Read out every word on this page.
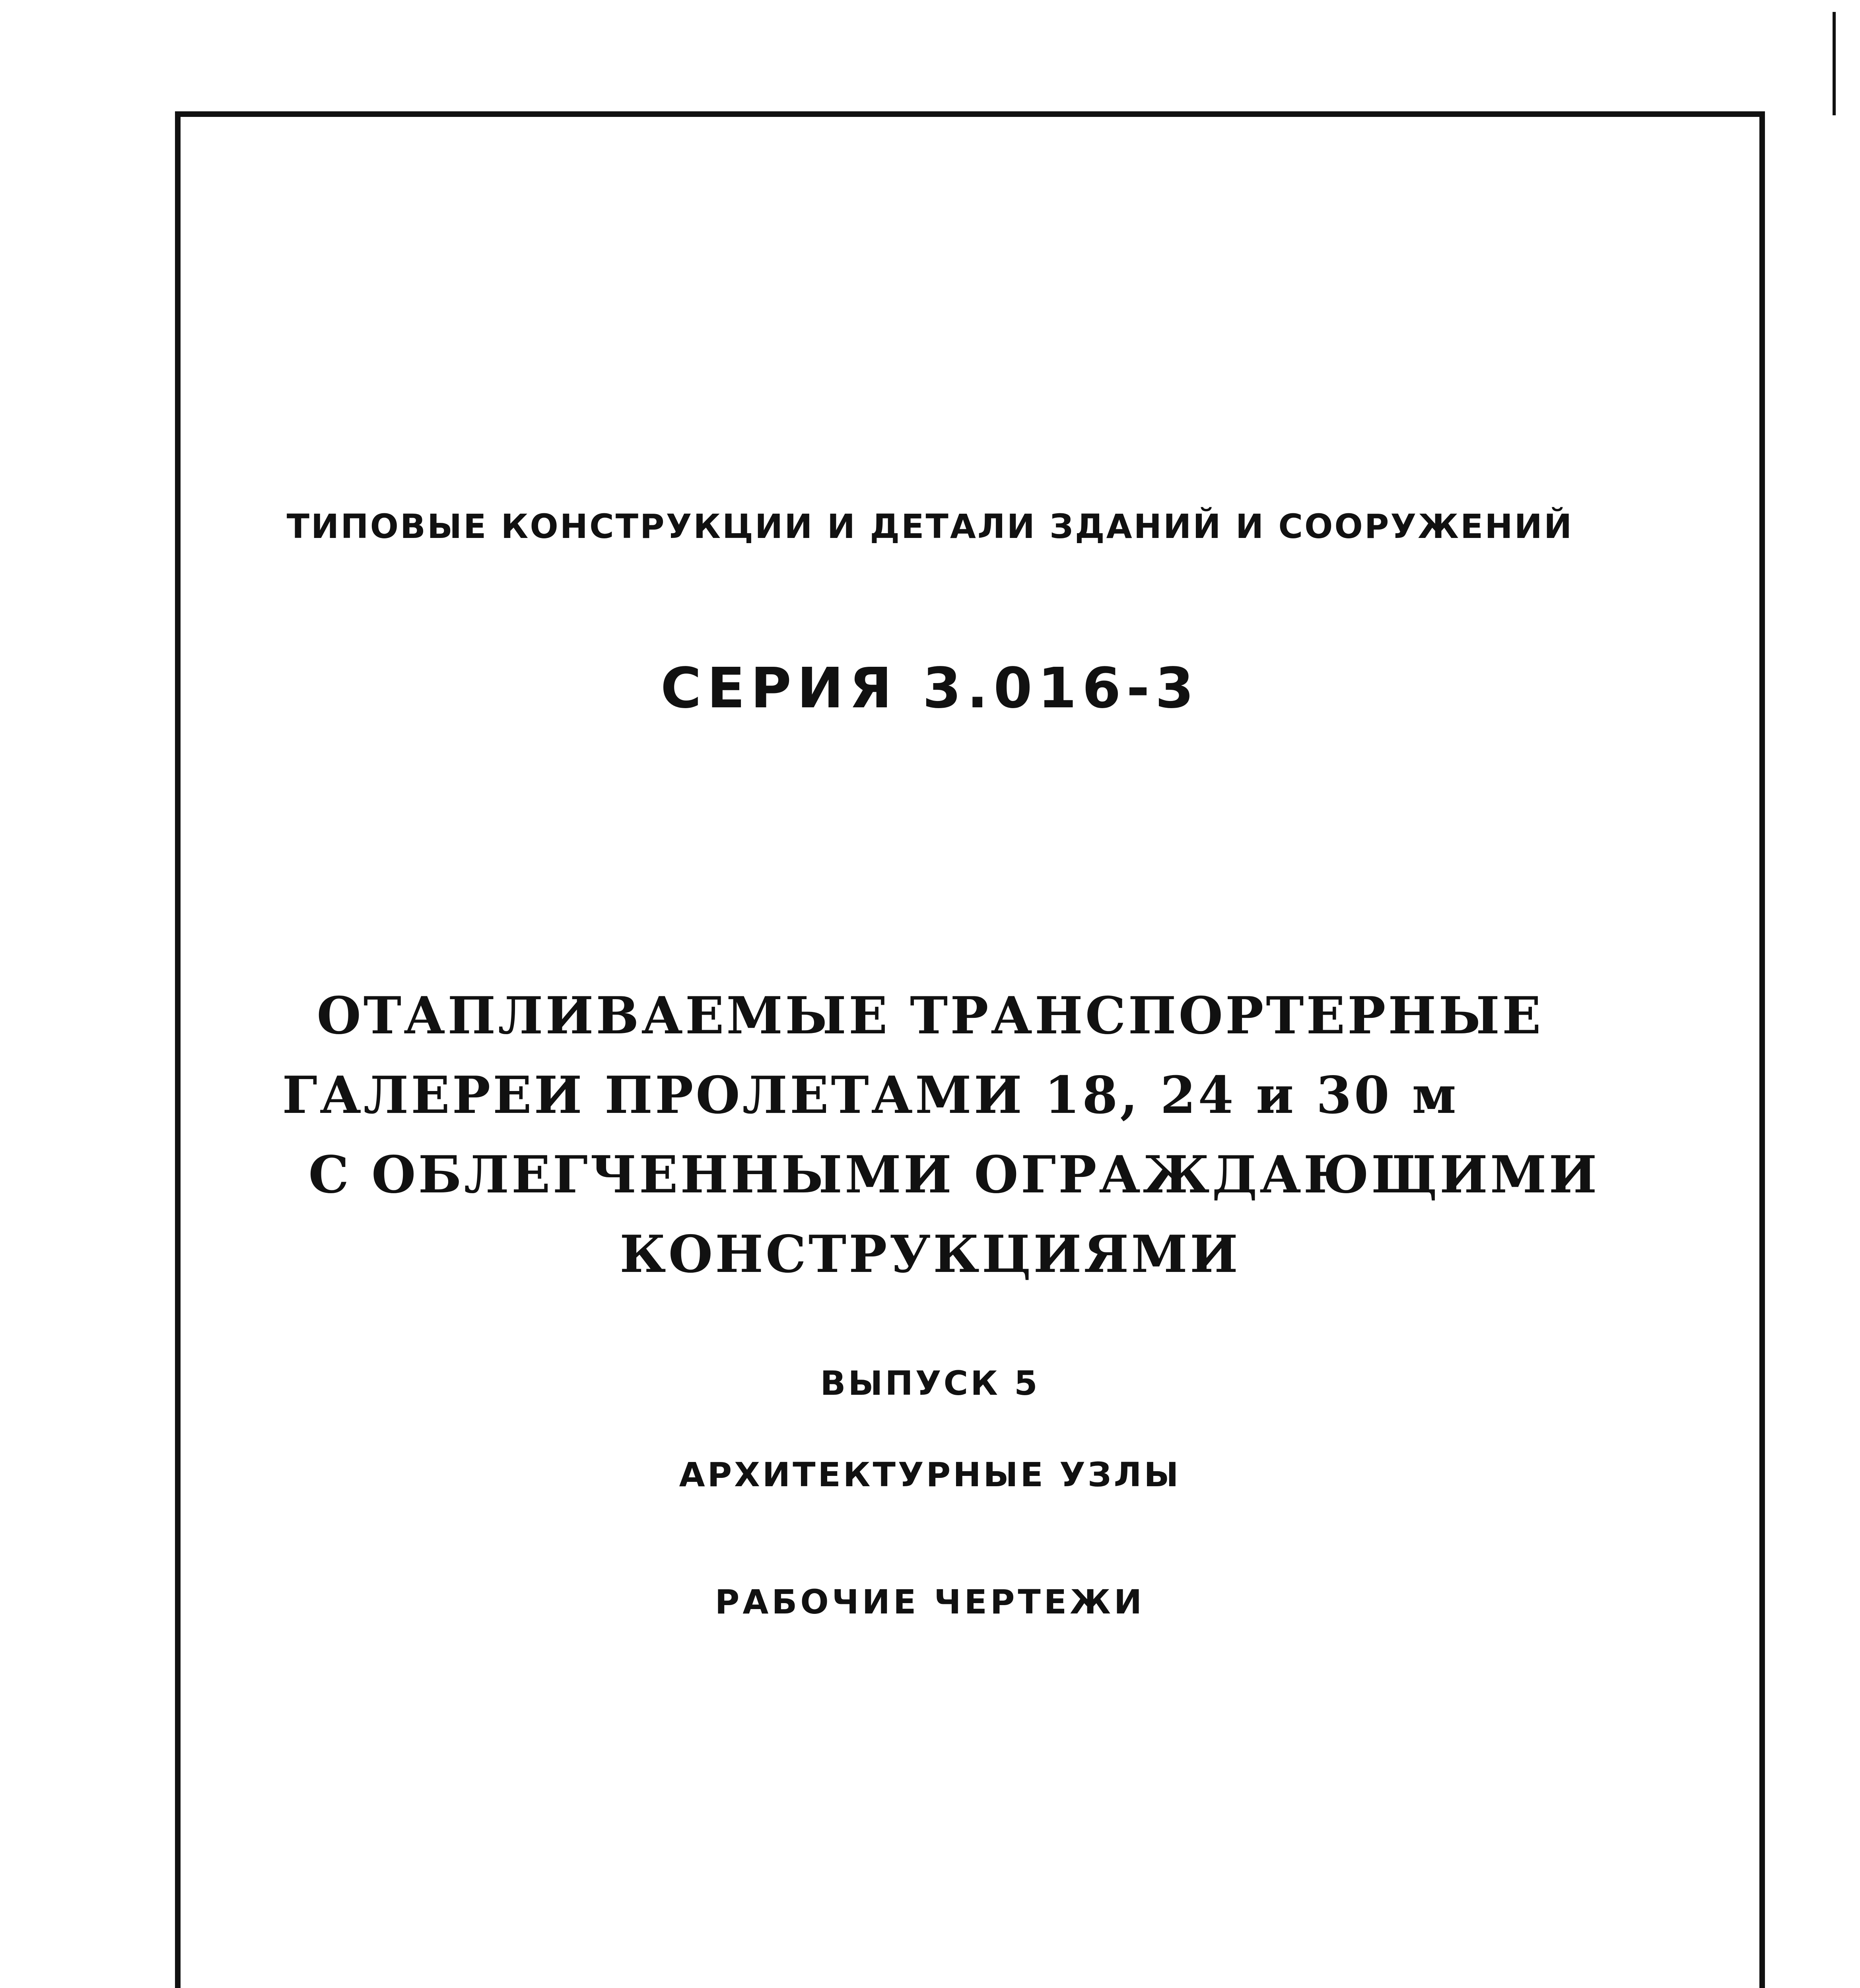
ТИПОВЫЕ КОНСТРУКЦИИ И ДЕТАЛИ ЗДАНИЙ И СООРУЖЕНИЙ
СЕРИЯ 3.016-3
ОТАПЛИВАЕМЫЕ ТРАНСПОРТЕРНЫЕ
ГАЛЕРЕИ ПРОЛЕТАМИ 18, 24 и 30 м
С ОБЛЕГЧЕННЫМИ ОГРАЖДАЮЩИМИ
КОНСТРУКЦИЯМИ
ВЫПУСК 5
АРХИТЕКТУРНЫЕ УЗЛЫ
РАБОЧИЕ ЧЕРТЕЖИ
